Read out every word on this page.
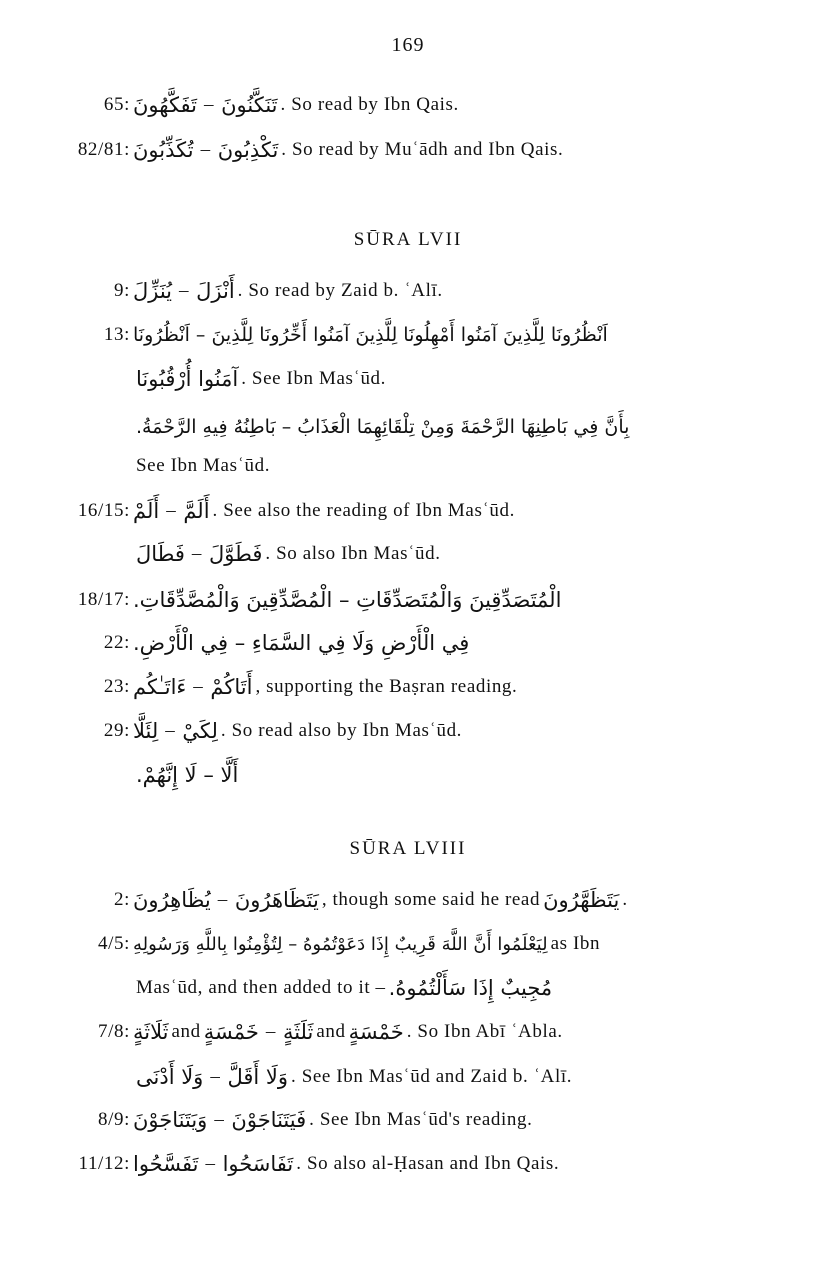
169
65: تَفَكَّهُونَ – تَنَكَّنُونَ . So read by Ibn Qais.
82/81: تُكَذِّبُونَ – تَكْذِبُونَ . So read by Muʿādh and Ibn Qais.
SŪRA LVII
9: يُنَزِّلَ – أَنْزَلَ . So read by Zaid b. ʿAlī.
13: اَنْظُرُونَا لِلَّذِينَ آمَنُوا أَمْهِلُونَا لِلَّذِينَ آمَنُوا أَخِّرُونَا لِلَّذِينَ – اَنْظُرُونَا
آمَنُوا أُرْقُبُونَا . See Ibn Masʿūd.
بِأَنَّ فِي بَاطِنِهَا الرَّحْمَةَ وَمِنْ تِلْقَائِهِمَا الْعَذَابُ – بَاطِنُهُ فِيهِ الرَّحْمَةُ.
See Ibn Masʿūd.
16/15: أَلَمْ – أَلَمَّ . See also the reading of Ibn Masʿūd.
فَطَالَ – فَطَوَّلَ . So also Ibn Masʿūd.
18/17: الْمُتَصَدِّقِينَ وَالْمُتَصَدِّقَاتِ – الْمُصَّدِّقِينَ وَالْمُصَّدِّقَاتِ.
22: فِي الْأَرْضِ وَلَا فِي السَّمَاءِ – فِي الْأَرْضِ.
23: ءَاتَـٰكُم – أَتَاكُمْ , supporting the Baṣran reading.
29: لِئَلَّا – لِكَيْ . So read also by Ibn Masʿūd.
أَلَّا – لَا إِنَّهُمْ.
SŪRA LVIII
2: يُظَاهِرُونَ – يَتَظَاهَرُونَ , though some said he read يَتَظَهَّرُونَ .
4/5: لِيَعْلَمُوا أَنَّ اللَّهَ قَرِيبٌ إِذَا دَعَوْتُمُوهُ – لِتُؤْمِنُوا بِاللَّهِ وَرَسُولِهِ as Ibn
Masʿūd, and then added to it – مُجِيبٌ إِذَا سَأَلْتُمُوهُ.
7/8: ثَلَاثَةٍ and خَمْسَةٍ – ثَلَثَةٍ and خَمْسَةٍ . So Ibn Abī ʿAbla.
وَلَا أَدْنَى – وَلَا أَقَلَّ . See Ibn Masʿūd and Zaid b. ʿAlī.
8/9: وَيَتَنَاجَوْنَ – فَيَتَنَاجَوْنَ . See Ibn Masʿūd's reading.
11/12: تَفَسَّحُوا – تَفَاسَحُوا . So also al-Ḥasan and Ibn Qais.
